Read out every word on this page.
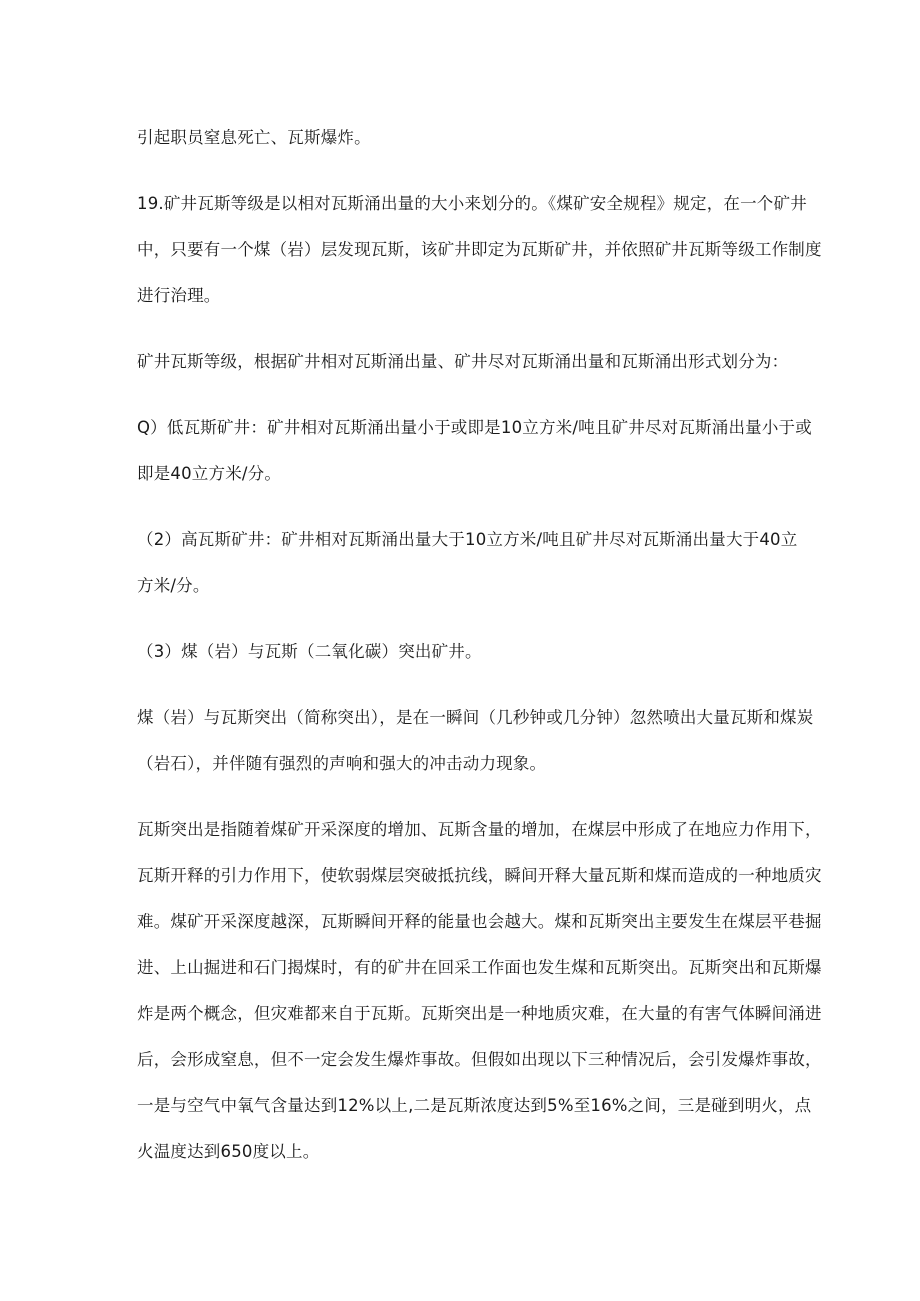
引起职员窒息死亡、瓦斯爆炸。
19 .矿井瓦斯等级是以相对瓦斯涌出量的大小来划分的。《煤矿安全规程》规定，在一个矿井
中，只要有一个煤（岩）层发现瓦斯，该矿井即定为瓦斯矿井，并依照矿井瓦斯等级工作制度
进行治理。
矿井瓦斯等级，根据矿井相对瓦斯涌出量、矿井尽对瓦斯涌出量和瓦斯涌出形式划分为：
Q）低瓦斯矿井：矿井相对瓦斯涌出量小于或即是10立方米/吨且矿井尽对瓦斯涌出量小于或
即是40立方米/分。
（2）高瓦斯矿井：矿井相对瓦斯涌出量大于10立方米/吨且矿井尽对瓦斯涌出量大于40立
方米/分。
（3）煤（岩）与瓦斯（二氧化碳）突出矿井。
煤（岩）与瓦斯突出（简称突出），是在一瞬间（几秒钟或几分钟）忽然喷出大量瓦斯和煤炭
（岩石），并伴随有强烈的声响和强大的冲击动力现象。
瓦斯突出是指随着煤矿开采深度的增加、瓦斯含量的增加，在煤层中形成了在地应力作用下，
瓦斯开释的引力作用下，使软弱煤层突破抵抗线，瞬间开释大量瓦斯和煤而造成的一种地质灾
难。煤矿开采深度越深，瓦斯瞬间开释的能量也会越大。煤和瓦斯突出主要发生在煤层平巷掘
进、上山掘进和石门揭煤时，有的矿井在回采工作面也发生煤和瓦斯突出。瓦斯突出和瓦斯爆
炸是两个概念，但灾难都来自于瓦斯。瓦斯突出是一种地质灾难，在大量的有害气体瞬间涌进
后，会形成窒息，但不一定会发生爆炸事故。但假如出现以下三种情况后，会引发爆炸事故，
一是与空气中氧气含量达到12%以上,二是瓦斯浓度达到5%至16%之间，三是碰到明火，点
火温度达到650度以上。
